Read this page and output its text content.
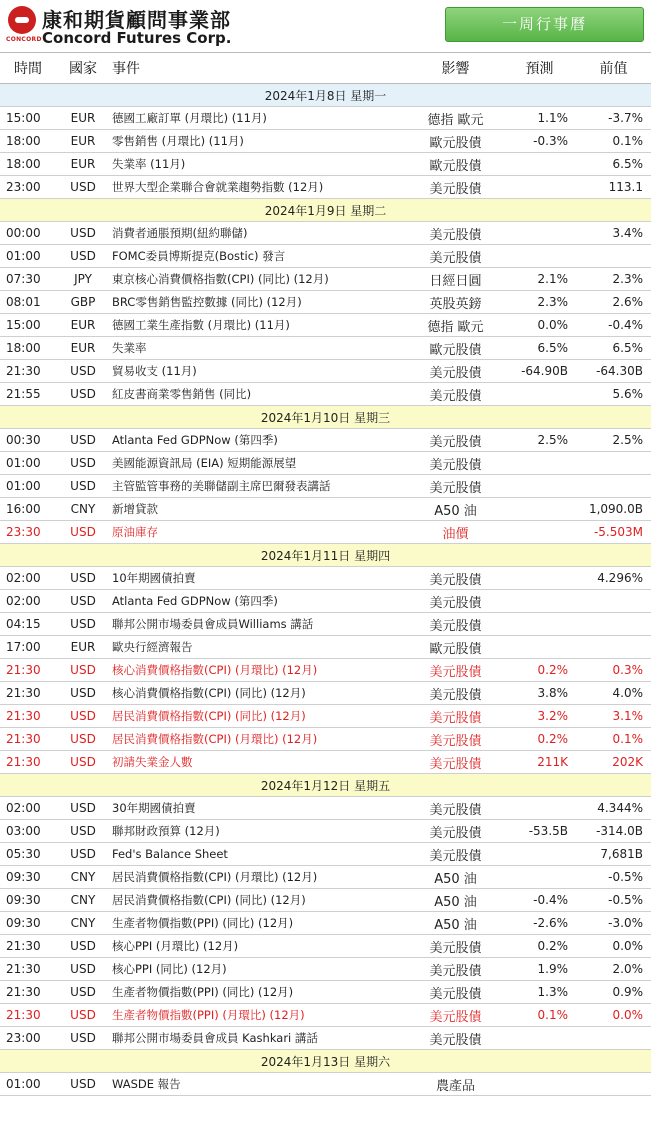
CONCORD
康和期貨顧問事業部
Concord Futures Corp.
一周行事曆
時間	國家	事件	影響	預測	前值
2024年1月8日 星期一					
15:00	EUR	德國工廠訂單 (月環比) (11月)	德指 歐元	1.1%	-3.7%
18:00	EUR	零售銷售 (月環比) (11月)	歐元股債	-0.3%	0.1%
18:00	EUR	失業率 (11月)	歐元股債		6.5%
23:00	USD	世界大型企業聯合會就業趨勢指數 (12月)	美元股債		113.1
2024年1月9日 星期二					
00:00	USD	消費者通脹預期(紐約聯儲)	美元股債		3.4%
01:00	USD	FOMC委員博斯提克(Bostic) 發言	美元股債		
07:30	JPY	東京核心消費價格指數(CPI) (同比) (12月)	日經日圓	2.1%	2.3%
08:01	GBP	BRC零售銷售監控數據 (同比) (12月)	英股英鎊	2.3%	2.6%
15:00	EUR	德國工業生產指數 (月環比) (11月)	德指 歐元	0.0%	-0.4%
18:00	EUR	失業率	歐元股債	6.5%	6.5%
21:30	USD	貿易收支 (11月)	美元股債	-64.90B	-64.30B
21:55	USD	紅皮書商業零售銷售 (同比)	美元股債		5.6%
2024年1月10日 星期三					
00:30	USD	Atlanta Fed GDPNow (第四季)	美元股債	2.5%	2.5%
01:00	USD	美國能源資訊局 (EIA) 短期能源展望	美元股債		
01:00	USD	主管監管事務的美聯儲副主席巴爾發表講話	美元股債		
16:00	CNY	新增貸款	A50 油		1,090.0B
23:30	USD	原油庫存	油價		-5.503M
2024年1月11日 星期四					
02:00	USD	10年期國債拍賣	美元股債		4.296%
02:00	USD	Atlanta Fed GDPNow (第四季)	美元股債		
04:15	USD	聯邦公開市場委員會成員Williams 講話	美元股債		
17:00	EUR	歐央行經濟報告	歐元股債		
21:30	USD	核心消費價格指數(CPI) (月環比) (12月)	美元股債	0.2%	0.3%
21:30	USD	核心消費價格指數(CPI) (同比) (12月)	美元股債	3.8%	4.0%
21:30	USD	居民消費價格指數(CPI) (同比) (12月)	美元股債	3.2%	3.1%
21:30	USD	居民消費價格指數(CPI) (月環比) (12月)	美元股債	0.2%	0.1%
21:30	USD	初請失業金人數	美元股債	211K	202K
2024年1月12日 星期五					
02:00	USD	30年期國債拍賣	美元股債		4.344%
03:00	USD	聯邦財政預算 (12月)	美元股債	-53.5B	-314.0B
05:30	USD	Fed's Balance Sheet	美元股債		7,681B
09:30	CNY	居民消費價格指數(CPI) (月環比) (12月)	A50 油		-0.5%
09:30	CNY	居民消費價格指數(CPI) (同比) (12月)	A50 油	-0.4%	-0.5%
09:30	CNY	生產者物價指數(PPI) (同比) (12月)	A50 油	-2.6%	-3.0%
21:30	USD	核心PPI (月環比) (12月)	美元股債	0.2%	0.0%
21:30	USD	核心PPI (同比) (12月)	美元股債	1.9%	2.0%
21:30	USD	生產者物價指數(PPI) (同比) (12月)	美元股債	1.3%	0.9%
21:30	USD	生產者物價指數(PPI) (月環比) (12月)	美元股債	0.1%	0.0%
23:00	USD	聯邦公開市場委員會成員 Kashkari 講話	美元股債		
2024年1月13日 星期六					
01:00	USD	WASDE 報告	農產品		
